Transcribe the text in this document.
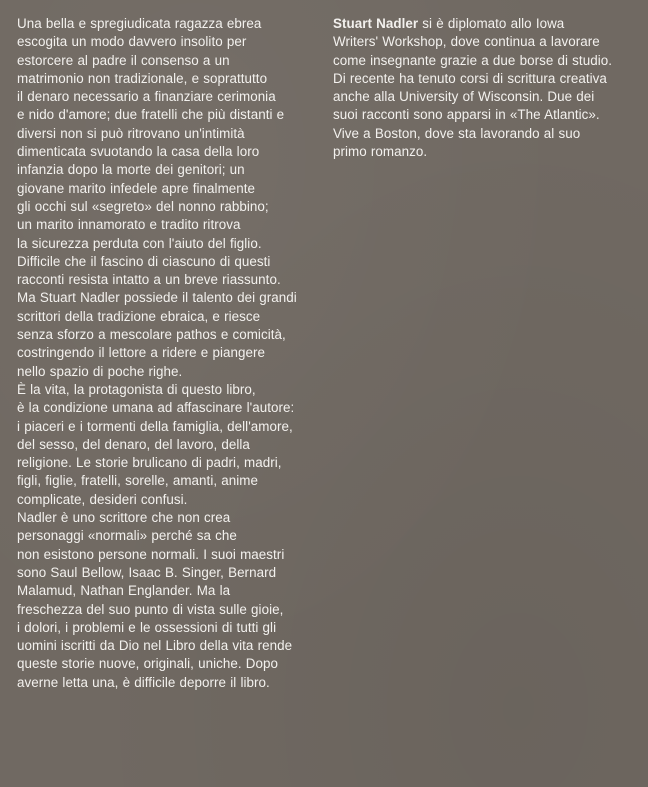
Una bella e spregiudicata ragazza ebrea
escogita un modo davvero insolito per
estorcere al padre il consenso a un
matrimonio non tradizionale, e soprattutto
il denaro necessario a finanziare cerimonia
e nido d'amore; due fratelli che più distanti e
diversi non si può ritrovano un'intimità
dimenticata svuotando la casa della loro
infanzia dopo la morte dei genitori; un
giovane marito infedele apre finalmente
gli occhi sul «segreto» del nonno rabbino;
un marito innamorato e tradito ritrova
la sicurezza perduta con l'aiuto del figlio.
Difficile che il fascino di ciascuno di questi
racconti resista intatto a un breve riassunto.
Ma Stuart Nadler possiede il talento dei grandi
scrittori della tradizione ebraica, e riesce
senza sforzo a mescolare pathos e comicità,
costringendo il lettore a ridere e piangere
nello spazio di poche righe.
È la vita, la protagonista di questo libro,
è la condizione umana ad affascinare l'autore:
i piaceri e i tormenti della famiglia, dell'amore,
del sesso, del denaro, del lavoro, della
religione. Le storie brulicano di padri, madri,
figli, figlie, fratelli, sorelle, amanti, anime
complicate, desideri confusi.
Nadler è uno scrittore che non crea
personaggi «normali» perché sa che
non esistono persone normali. I suoi maestri
sono Saul Bellow, Isaac B. Singer, Bernard
Malamud, Nathan Englander. Ma la
freschezza del suo punto di vista sulle gioie,
i dolori, i problemi e le ossessioni di tutti gli
uomini iscritti da Dio nel Libro della vita rende
queste storie nuove, originali, uniche. Dopo
averne letta una, è difficile deporre il libro.
Stuart Nadler si è diplomato allo Iowa
Writers' Workshop, dove continua a lavorare
come insegnante grazie a due borse di studio.
Di recente ha tenuto corsi di scrittura creativa
anche alla University of Wisconsin. Due dei
suoi racconti sono apparsi in «The Atlantic».
Vive a Boston, dove sta lavorando al suo
primo romanzo.
